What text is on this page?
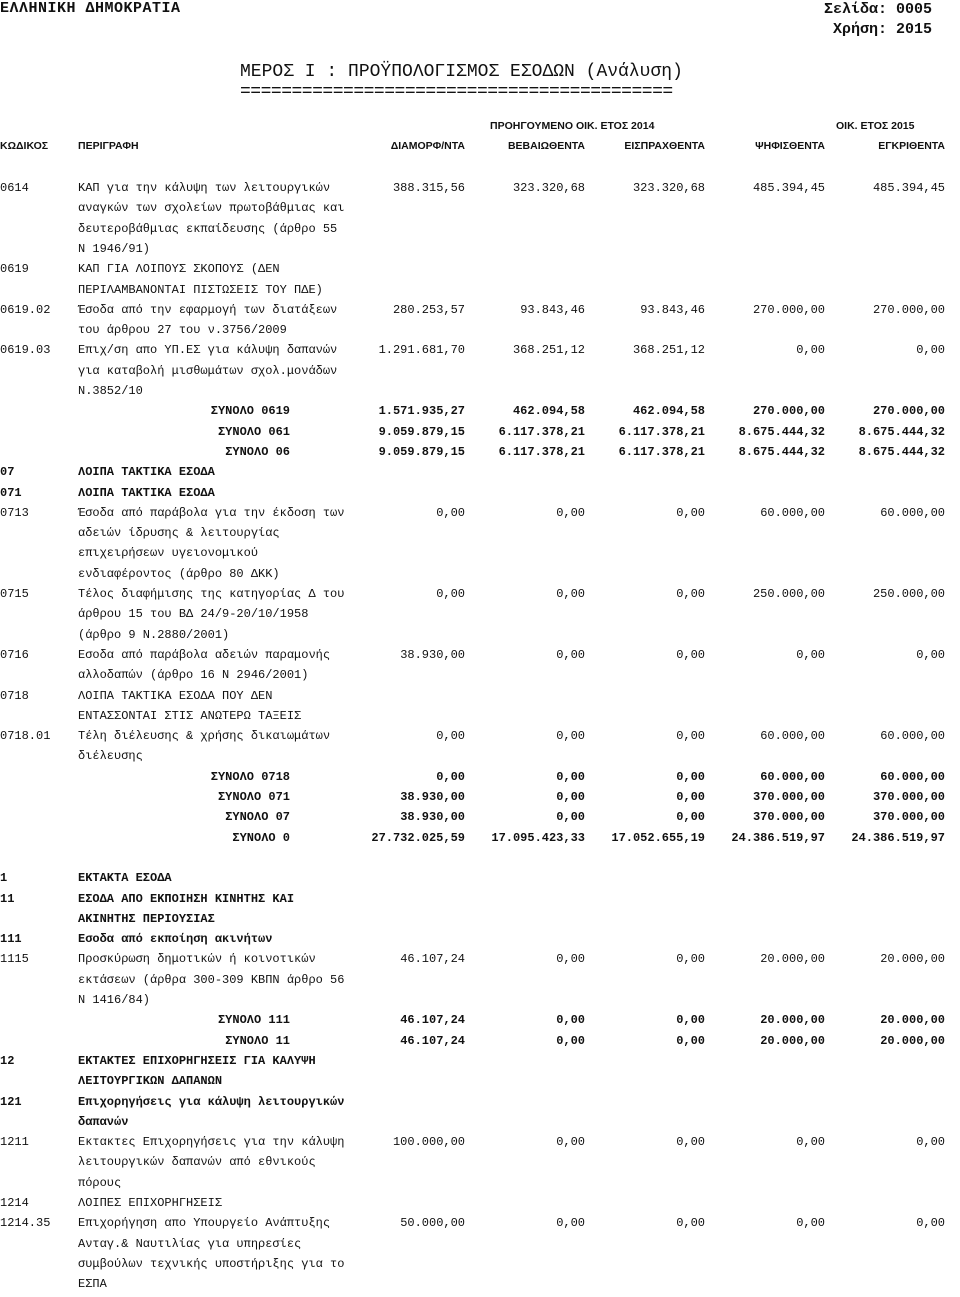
ΕΛΛΗΝΙΚΗ ΔΗΜΟΚΡΑΤΙΑ	Σελίδα: 0005
Χρήση: 2015
ΜΕΡΟΣ Ι : ΠΡΟΫΠΟΛΟΓΙΣΜΟΣ ΕΣΟΔΩΝ (Ανάλυση)
==========================================
ΠΡΟΗΓΟΥΜΕΝΟ ΟΙΚ. ΕΤΟΣ 2014	ΟΙΚ. ΕΤΟΣ 2015
ΚΩΔΙΚΟΣ	ΠΕΡΙΓΡΑΦΗ	ΔΙΑΜΟΡΦ/ΝΤΑ	ΒΕΒΑΙΩΘΕΝΤΑ	ΕΙΣΠΡΑΧΘΕΝΤΑ	ΨΗΦΙΣΘΕΝΤΑ	ΕΓΚΡΙΘΕΝΤΑ
0614	ΚΑΠ για την κάλυψη των λειτουργικών	388.315,56	323.320,68	323.320,68	485.394,45	485.394,45
αναγκών των σχολείων πρωτοβάθμιας και
δευτεροβάθμιας εκπαίδευσης (άρθρο 55
Ν 1946/91)
0619	ΚΑΠ ΓΙΑ ΛΟΙΠΟΥΣ ΣΚΟΠΟΥΣ (ΔΕΝ
ΠΕΡΙΛΑΜΒΑΝΟΝΤΑΙ ΠΙΣΤΩΣΕΙΣ ΤΟΥ ΠΔΕ)
0619.02 Έσοδα από την εφαρμογή των διατάξεων	280.253,57	93.843,46	93.843,46	270.000,00	270.000,00
του άρθρου 27 του ν.3756/2009
0619.03 Επιχ/ση απο ΥΠ.ΕΣ για κάλυψη δαπανών	1.291.681,70	368.251,12	368.251,12	0,00	0,00
για καταβολή μισθωμάτων σχολ.μονάδων
Ν.3852/10
ΣΥΝΟΛΟ 0619	1.571.935,27	462.094,58	462.094,58	270.000,00	270.000,00
ΣΥΝΟΛΟ 061	9.059.879,15	6.117.378,21	6.117.378,21	8.675.444,32	8.675.444,32
ΣΥΝΟΛΟ 06	9.059.879,15	6.117.378,21	6.117.378,21	8.675.444,32	8.675.444,32
07	ΛΟΙΠΑ ΤΑΚΤΙΚΑ ΕΣΟΔΑ
071	ΛΟΙΠΑ ΤΑΚΤΙΚΑ ΕΣΟΔΑ
0713	Έσοδα από παράβολα για την έκδοση των	0,00	0,00	0,00	60.000,00	60.000,00
αδειών ίδρυσης & λειτουργίας
επιχειρήσεων υγειονομικού
ενδιαφέροντος (άρθρο 80 ΔΚΚ)
0715	Τέλος διαφήμισης της κατηγορίας Δ του	0,00	0,00	0,00	250.000,00	250.000,00
άρθρου 15 του ΒΔ 24/9-20/10/1958
(άρθρο 9 Ν.2880/2001)
0716	Εσοδα από παράβολα αδειών παραμονής	38.930,00	0,00	0,00	0,00	0,00
αλλοδαπών (άρθρο 16 Ν 2946/2001)
0718	ΛΟΙΠΑ ΤΑΚΤΙΚΑ ΕΣΟΔΑ ΠΟΥ ΔΕΝ
ΕΝΤΑΣΣΟΝΤΑΙ ΣΤΙΣ ΑΝΩΤΕΡΩ ΤΑΞΕΙΣ
0718.01 Τέλη διέλευσης & χρήσης δικαιωμάτων	0,00	0,00	0,00	60.000,00	60.000,00
διέλευσης
ΣΥΝΟΛΟ 0718	0,00	0,00	0,00	60.000,00	60.000,00
ΣΥΝΟΛΟ 071	38.930,00	0,00	0,00	370.000,00	370.000,00
ΣΥΝΟΛΟ 07	38.930,00	0,00	0,00	370.000,00	370.000,00
ΣΥΝΟΛΟ 0	27.732.025,59 17.095.423,33 17.052.655,19 24.386.519,97 24.386.519,97
1	ΕΚΤΑΚΤΑ ΕΣΟΔΑ
11	ΕΣΟΔΑ ΑΠΟ ΕΚΠΟΙΗΣΗ ΚΙΝΗΤΗΣ ΚΑΙ
ΑΚΙΝΗΤΗΣ ΠΕΡΙΟΥΣΙΑΣ
111	Εσοδα από εκποίηση ακινήτων
1115	Προσκύρωση δημοτικών ή κοινοτικών	46.107,24	0,00	0,00	20.000,00	20.000,00
εκτάσεων (άρθρα 300-309 ΚΒΠΝ άρθρο 56
Ν 1416/84)
ΣΥΝΟΛΟ 111	46.107,24	0,00	0,00	20.000,00	20.000,00
ΣΥΝΟΛΟ 11	46.107,24	0,00	0,00	20.000,00	20.000,00
12	ΕΚΤΑΚΤΕΣ ΕΠΙΧΟΡΗΓΗΣΕΙΣ ΓΙΑ ΚΑΛΥΨΗ
ΛΕΙΤΟΥΡΓΙΚΩΝ ΔΑΠΑΝΩΝ
121	Επιχορηγήσεις για κάλυψη λειτουργικών
δαπανών
1211	Εκτακτες Επιχορηγήσεις για την κάλυψη	100.000,00	0,00	0,00	0,00	0,00
λειτουργικών δαπανών από εθνικούς
πόρους
1214	ΛΟΙΠΕΣ ΕΠΙΧΟΡΗΓΗΣΕΙΣ
1214.35 Επιχορήγηση απο Υπουργείο Ανάπτυξης	50.000,00	0,00	0,00	0,00	0,00
Ανταγ.& Ναυτιλίας για υπηρεσίες
συμβούλων τεχνικής υποστήριξης για το
ΕΣΠΑ
